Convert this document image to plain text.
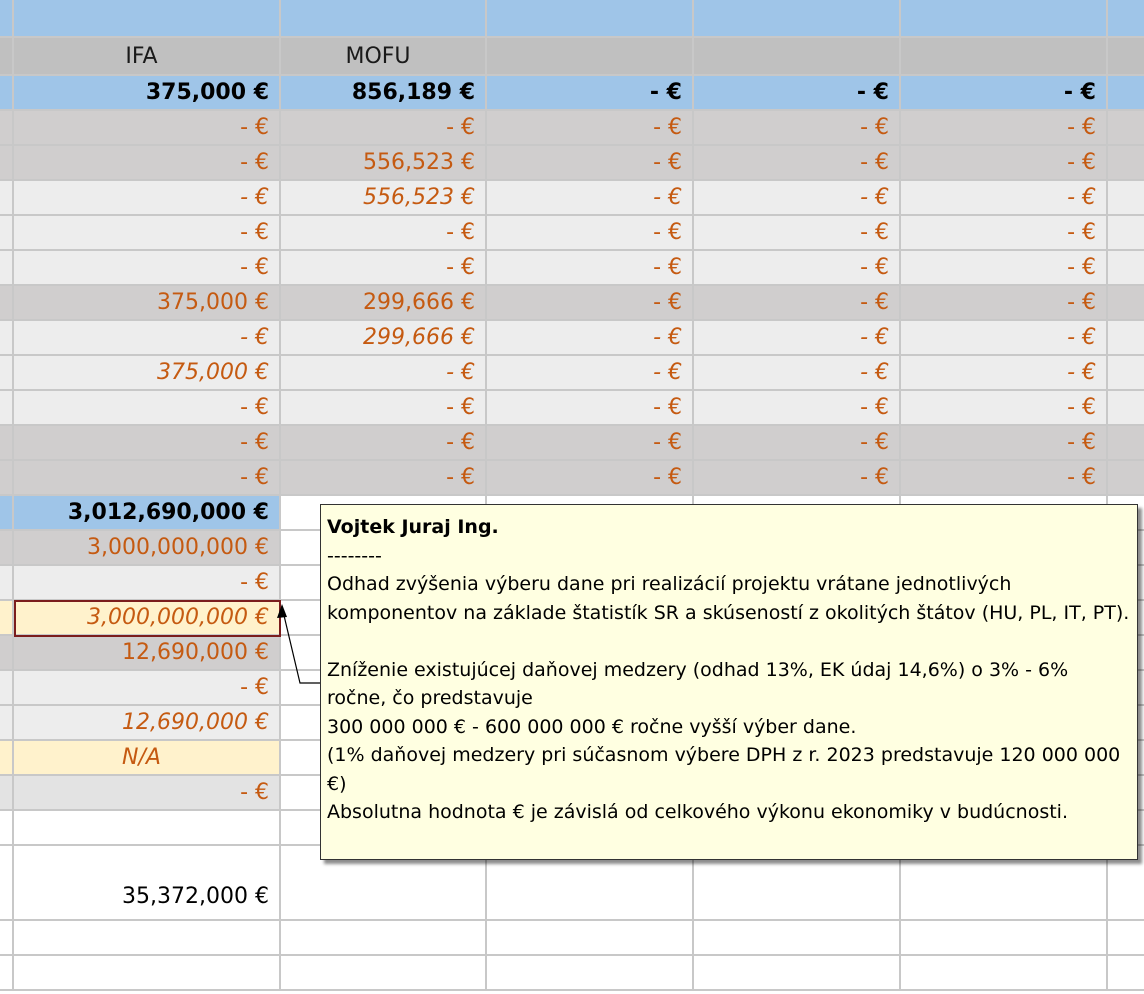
IFA	MOFU
375,000 €	856,189 €	- €	- €	- €
- €	- €	- €	- €	- €
- €	556,523 €	- €	- €	- €
- €	556,523 €	- €	- €	- €
- €	- €	- €	- €	- €
- €	- €	- €	- €	- €
375,000 €	299,666 €	- €	- €	- €
- €	299,666 €	- €	- €	- €
375,000 €	- €	- €	- €	- €
- €	- €	- €	- €	- €
- €	- €	- €	- €	- €
- €	- €	- €	- €	- €
3,012,690,000 €
3,000,000,000 €
- €
3,000,000,000 €
12,690,000 €
- €
12,690,000 €
N/A
- €
35,372,000 €

Vojtek Juraj Ing.

--------

Odhad zvýšenia výberu dane pri realizácií projektu vrátane jednotlivých komponentov na základe štatistík SR a skúseností z okolitých štátov (HU, PL, IT, PT).

Zníženie existujúcej daňovej medzery (odhad 13%, EK údaj 14,6%) o 3% - 6% ročne, čo predstavuje

300 000 000 € - 600 000 000 € ročne vyšší výber dane.

(1% daňovej medzery pri súčasnom výbere DPH z r. 2023 predstavuje 120 000 000 €)

Absolutna hodnota € je závislá od celkového výkonu ekonomiky v budúcnosti.
